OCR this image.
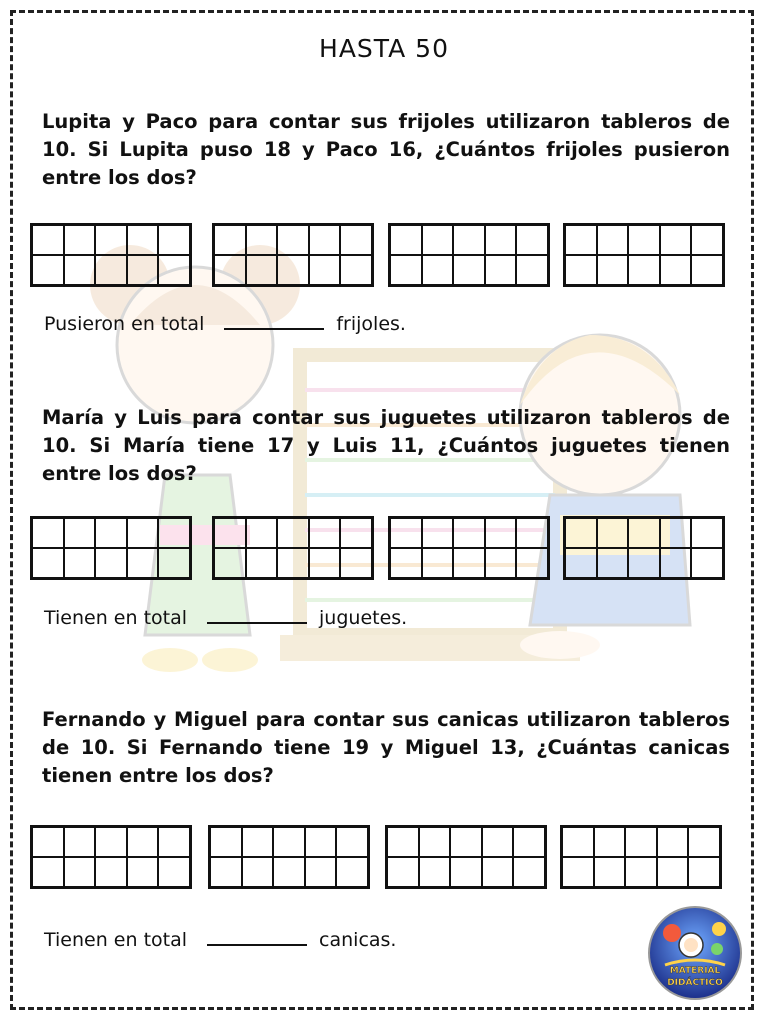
HASTA 50

Lupita y Paco para contar sus frijoles utilizaron tableros de 10. Si Lupita puso 18 y Paco 16, ¿Cuántos frijoles pusieron entre los dos?

Pusieron en total	frijoles.

María y Luis para contar sus juguetes utilizaron tableros de 10. Si María tiene 17 y Luis 11, ¿Cuántos juguetes tienen entre los dos?

Tienen en total	juguetes.

Fernando y Miguel para contar sus canicas utilizaron tableros de 10. Si Fernando tiene 19 y Miguel 13, ¿Cuántas canicas tienen entre los dos?

Tienen en total	canicas.
MATERIAL
DIDÁCTICO
